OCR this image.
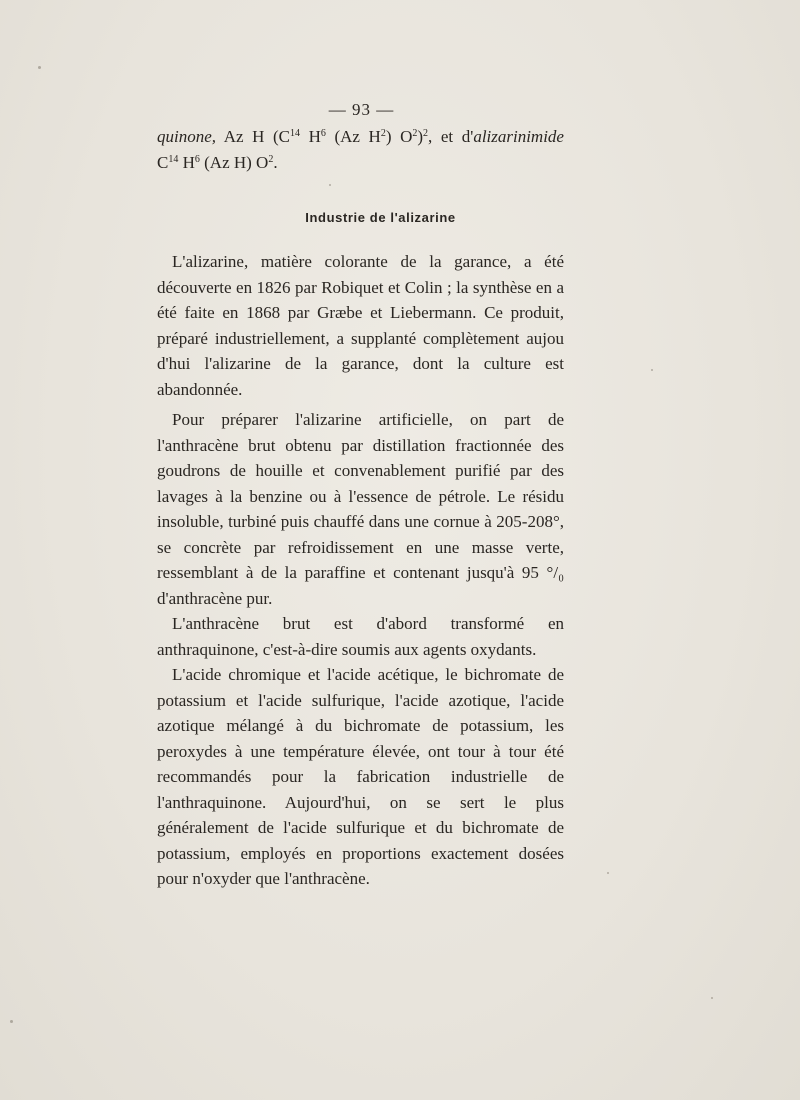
— 93 —

quinone, Az H ($C^{14}$ $H^6$ (Az $H^2$) $O^2)^2$, et d'alizarinimide

$C^{14}$ $H^6$ (Az H) $O^2$.

Industrie de l'alizarine

L'alizarine, matière colorante de la garance, a été découverte en 1826 par Robiquet et Colin ; la synthèse en a été faite en 1868 par Græbe et Liebermann. Ce produit, préparé industriellement, a supplanté complètement aujou d'hui l'alizarine de la garance, dont la culture est abandonnée.

Pour préparer l'alizarine artificielle, on part de l'anthracène brut obtenu par distillation fractionnée des goudrons de houille et convenablement purifié par des lavages à la benzine ou à l'essence de pétrole. Le résidu insoluble, turbiné puis chauffé dans une cornue à 205-208°, se concrète par refroidissement en une masse verte, ressemblant à de la paraffine et contenant jusqu'à 95 °/₀ d'anthracène pur.

L'anthracène brut est d'abord transformé en anthraquinone, c'est-à-dire soumis aux agents oxydants.

L'acide chromique et l'acide acétique, le bichromate de potassium et l'acide sulfurique, l'acide azotique, l'acide azotique mélangé à du bichromate de potassium, les peroxydes à une température élevée, ont tour à tour été recommandés pour la fabrication industrielle de l'anthraquinone. Aujourd'hui, on se sert le plus généralement de l'acide sulfurique et du bichromate de potassium, employés en proportions exactement dosées pour n'oxyder que l'anthracène.
